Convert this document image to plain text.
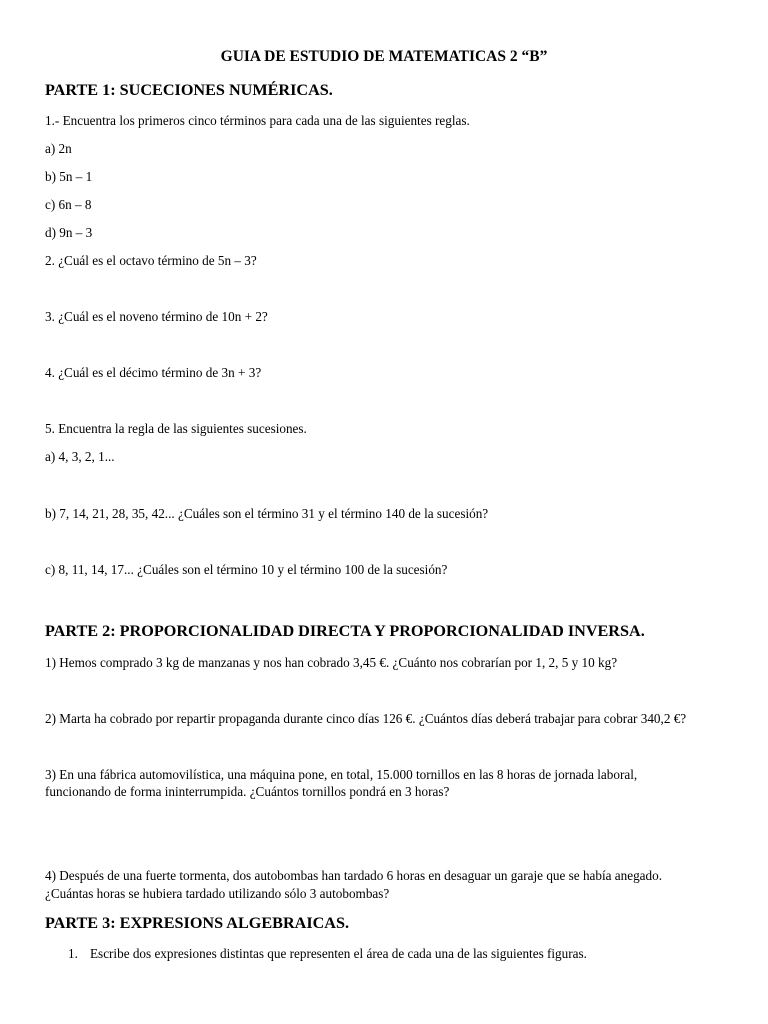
GUIA DE ESTUDIO DE MATEMATICAS 2 “B”
PARTE 1: SUCECIONES NUMÉRICAS.
1.- Encuentra los primeros cinco términos para cada una de las siguientes reglas.
a) 2n
b) 5n – 1
c) 6n – 8
d) 9n – 3
2. ¿Cuál es el octavo término de 5n – 3?
3. ¿Cuál es el noveno término de 10n + 2?
4. ¿Cuál es el décimo término de 3n + 3?
5. Encuentra la regla de las siguientes sucesiones.
a) 4, 3, 2, 1...
b) 7, 14, 21, 28, 35, 42... ¿Cuáles son el término 31 y el término 140 de la sucesión?
c) 8, 11, 14, 17... ¿Cuáles son el término 10 y el término 100 de la sucesión?
PARTE 2: PROPORCIONALIDAD DIRECTA Y PROPORCIONALIDAD INVERSA.
1) Hemos comprado 3 kg de manzanas y nos han cobrado 3,45 €. ¿Cuánto nos cobrarían por 1, 2, 5 y 10 kg?
2) Marta ha cobrado por repartir propaganda durante cinco días 126 €. ¿Cuántos días deberá trabajar para cobrar 340,2 €?
3) En una fábrica automovilística, una máquina pone, en total, 15.000 tornillos en las 8 horas de jornada laboral,
funcionando de forma ininterrumpida. ¿Cuántos tornillos pondrá en 3 horas?
4) Después de una fuerte tormenta, dos autobombas han tardado 6 horas en desaguar un garaje que se había anegado.
¿Cuántas horas se hubiera tardado utilizando sólo 3 autobombas?
PARTE 3: EXPRESIONS ALGEBRAICAS.
1. Escribe dos expresiones distintas que representen el área de cada una de las siguientes figuras.
